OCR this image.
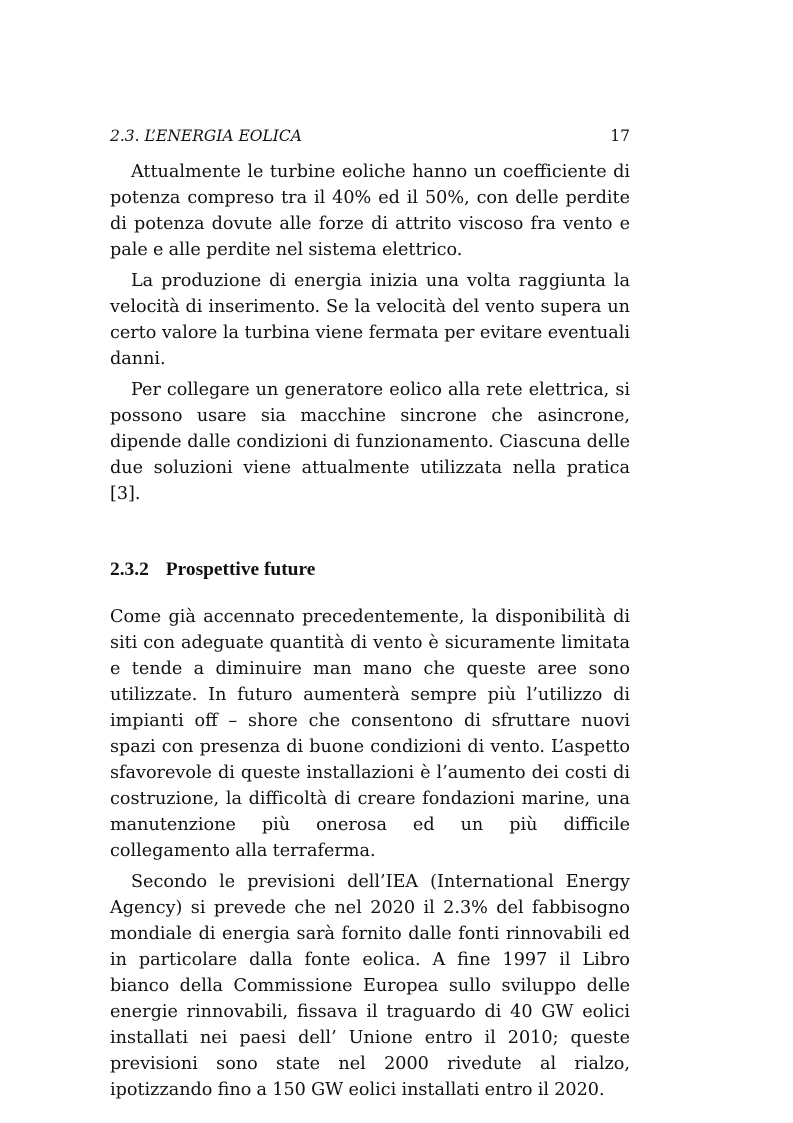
2.3. L’ENERGIA EOLICA	17

Attualmente le turbine eoliche hanno un coefficiente di potenza compreso tra il 40% ed il 50%, con delle perdite di potenza dovute alle forze di attrito viscoso fra vento e pale e alle perdite nel sistema elettrico.

La produzione di energia inizia una volta raggiunta la velocità di inserimento. Se la velocità del vento supera un certo valore la turbina viene fermata per evitare eventuali danni.

Per collegare un generatore eolico alla rete elettrica, si possono usare sia macchine sincrone che asincrone, dipende dalle condizioni di funzionamento. Ciascuna delle due soluzioni viene attualmente utilizzata nella pratica [3].

2.3.2 Prospettive future

Come già accennato precedentemente, la disponibilità di siti con adeguate quantità di vento è sicuramente limitata e tende a diminuire man mano che queste aree sono utilizzate. In futuro aumenterà sempre più l’utilizzo di impianti off – shore che consentono di sfruttare nuovi spazi con presenza di buone condizioni di vento. L’aspetto sfavorevole di queste installazioni è l’aumento dei costi di costruzione, la difficoltà di creare fondazioni marine, una manutenzione più onerosa ed un più difficile collegamento alla terraferma.

Secondo le previsioni dell’IEA (International Energy Agency) si prevede che nel 2020 il 2.3% del fabbisogno mondiale di energia sarà fornito dalle fonti rinnovabili ed in particolare dalla fonte eolica. A fine 1997 il Libro bianco della Commissione Europea sullo sviluppo delle energie rinnovabili, fissava il traguardo di 40 GW eolici installati nei paesi dell’ Unione entro il 2010; queste previsioni sono state nel 2000 rivedute al rialzo, ipotizzando fino a 150 GW eolici installati entro il 2020.
